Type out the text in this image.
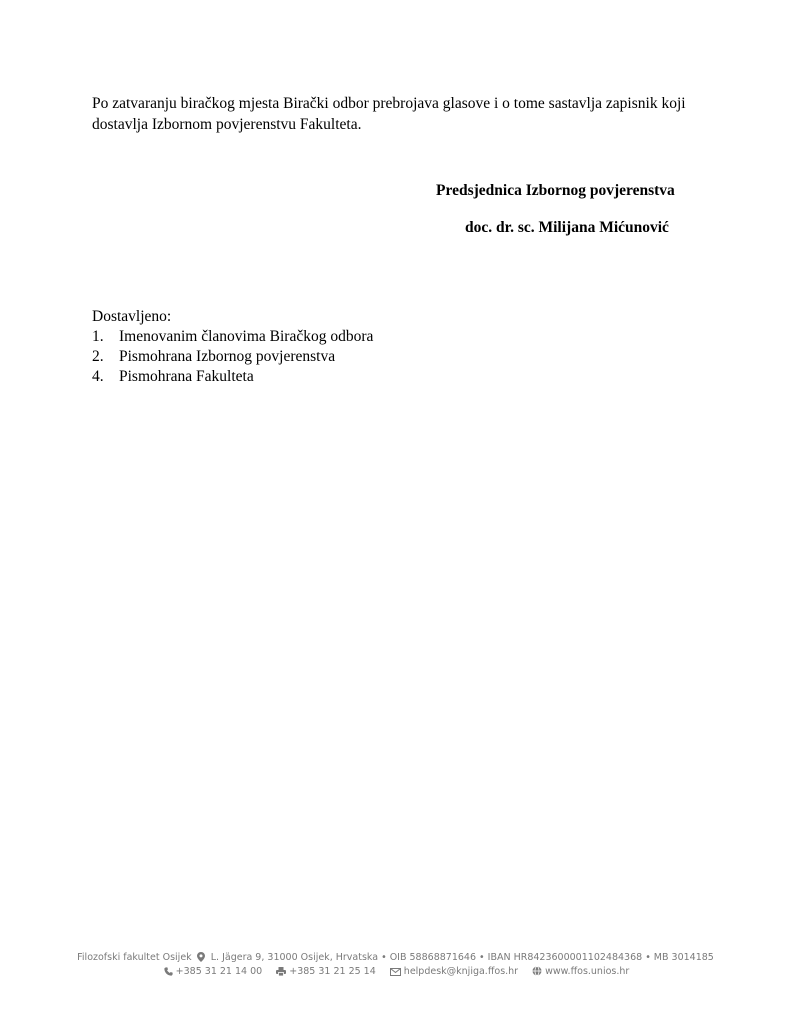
Po zatvaranju biračkog mjesta Birački odbor prebrojava glasove i o tome sastavlja zapisnik koji dostavlja Izbornom povjerenstvu Fakulteta.

Predsjednica Izbornog povjerenstva

doc. dr. sc. Milijana Mićunović

Dostavljeno:
1. Imenovanim članovima Biračkog odbora
2. Pismohrana Izbornog povjerenstva
4. Pismohrana Fakulteta
Filozofski fakultet Osijek L. Jägera 9, 31000 Osijek, Hrvatska • OIB 58868871646 • IBAN HR8423600001102484368 • MB 3014185
+385 31 21 14 00	+385 31 21 25 14	helpdesk@knjiga.ffos.hr	www.ffos.unios.hr
